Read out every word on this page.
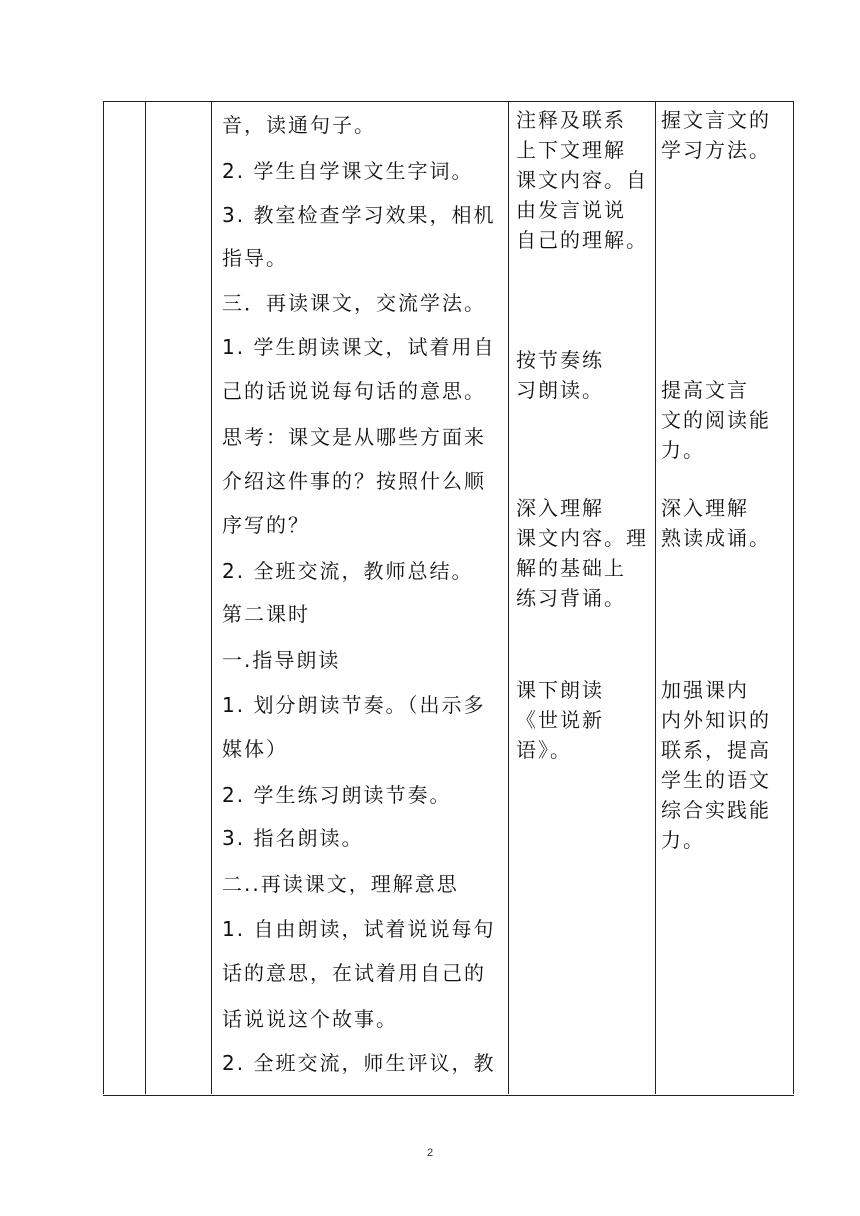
音，读通句子。

2. 学生自学课文生字词。

3. 教室检查学习效果，相机

指导。

三．再读课文，交流学法。

1. 学生朗读课文，试着用自

己的话说说每句话的意思。

思考：课文是从哪些方面来

介绍这件事的？按照什么顺

序写的？

2. 全班交流，教师总结。

第二课时

一.指导朗读

1. 划分朗读节奏。（出示多

媒体）

2. 学生练习朗读节奏。

3. 指名朗读。

二..再读课文，理解意思

1. 自由朗读，试着说说每句

话的意思，在试着用自己的

话说说这个故事。

2. 全班交流，师生评议，教

注释及联系
上下文理解
课文内容。自
由发言说说
自己的理解。

按节奏练
习朗读。

深入理解
课文内容。理
解的基础上
练习背诵。

课下朗读
《世说新语》。

握文言文的
学习方法。

提高文言
文的阅读能
力。

深入理解
熟读成诵。

加强课内
内外知识的
联系，提高
学生的语文
综合实践能
力。

2
